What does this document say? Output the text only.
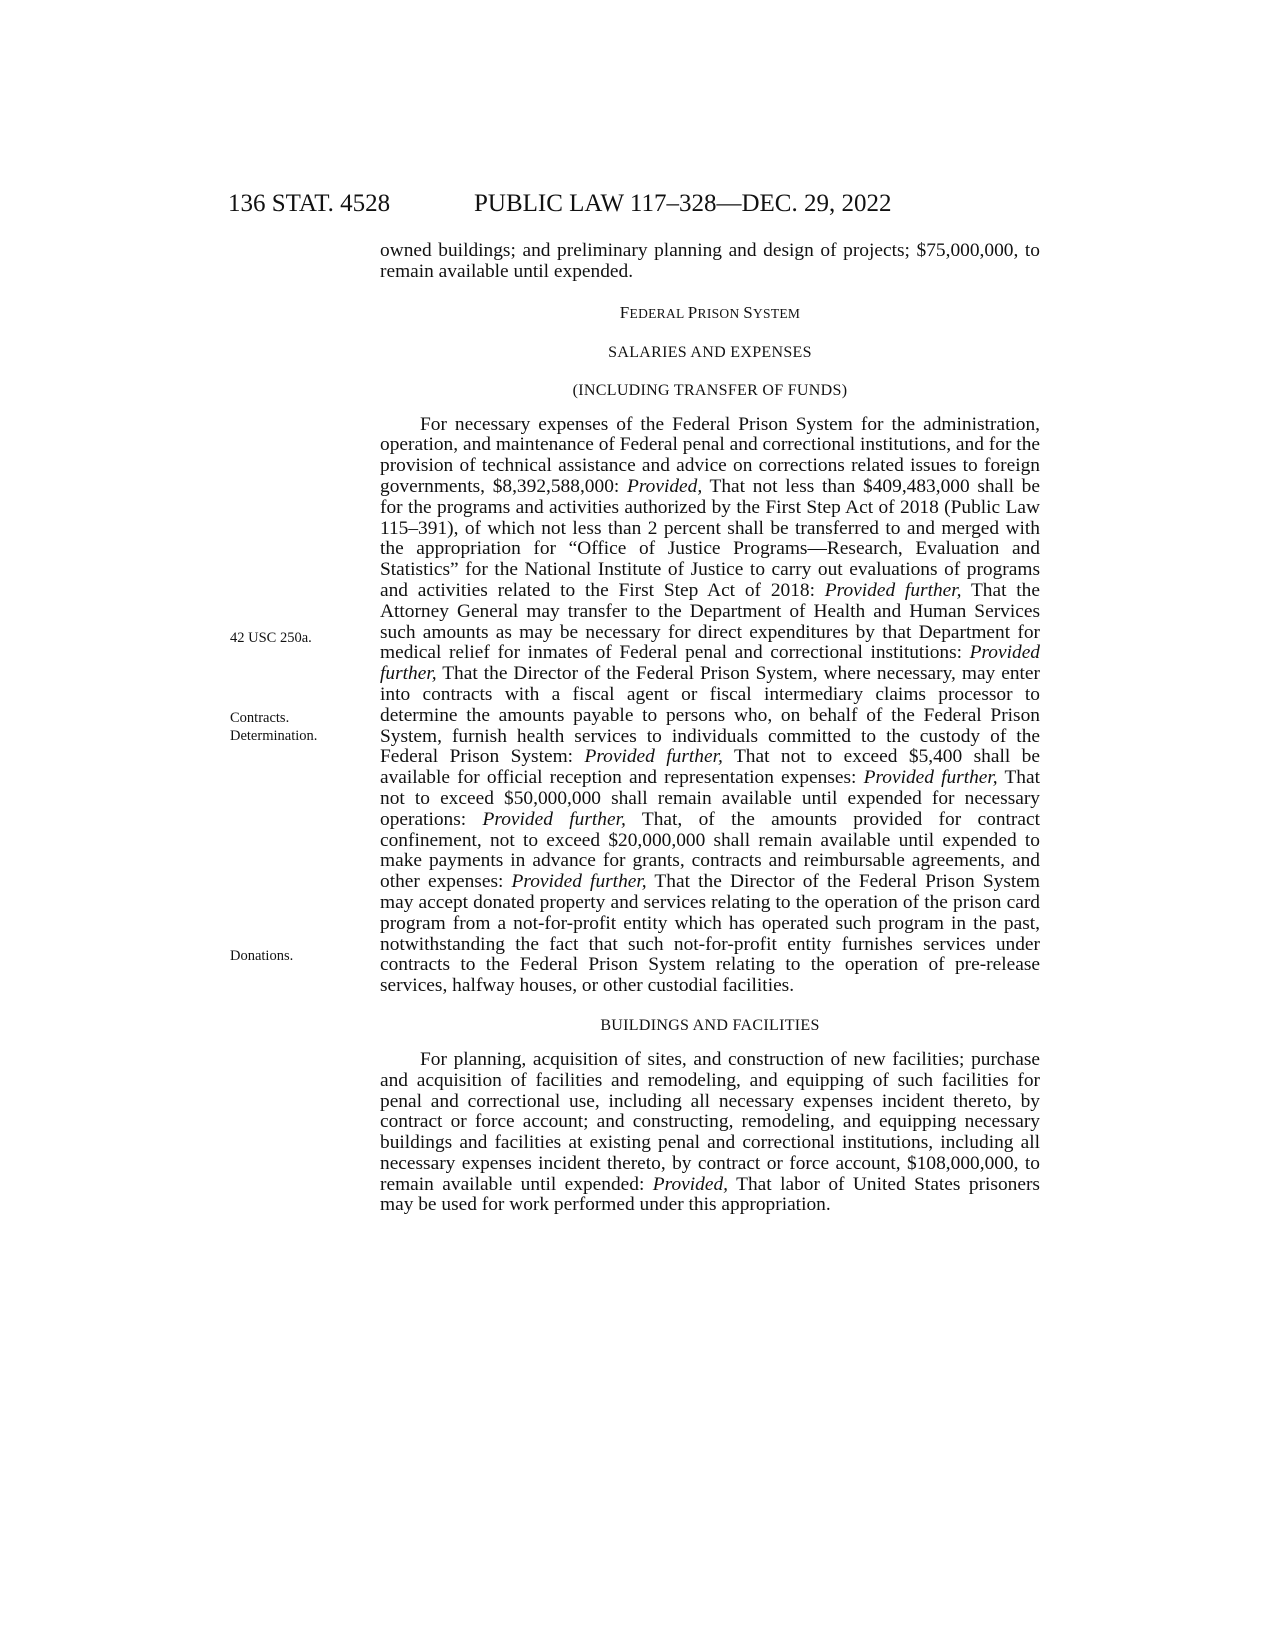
136 STAT. 4528	PUBLIC LAW 117–328—DEC. 29, 2022
42 USC 250a.
Contracts.
Determination.
Donations.

owned buildings; and preliminary planning and design of projects; $75,000,000, to remain available until expended.

FEDERAL PRISON SYSTEM

SALARIES AND EXPENSES

(INCLUDING TRANSFER OF FUNDS)

For necessary expenses of the Federal Prison System for the administration, operation, and maintenance of Federal penal and correctional institutions, and for the provision of technical assistance and advice on corrections related issues to foreign governments, $8,392,588,000: Provided, That not less than $409,483,000 shall be for the programs and activities authorized by the First Step Act of 2018 (Public Law 115–391), of which not less than 2 percent shall be transferred to and merged with the appropriation for “Office of Justice Programs—Research, Evaluation and Statistics” for the National Institute of Justice to carry out evaluations of programs and activities related to the First Step Act of 2018: Provided further, That the Attorney General may transfer to the Department of Health and Human Services such amounts as may be necessary for direct expenditures by that Department for medical relief for inmates of Federal penal and correctional institutions: Provided further, That the Director of the Federal Prison System, where necessary, may enter into contracts with a fiscal agent or fiscal intermediary claims processor to determine the amounts payable to persons who, on behalf of the Federal Prison System, furnish health services to individuals committed to the custody of the Federal Prison System: Provided further, That not to exceed $5,400 shall be available for official reception and representation expenses: Provided further, That not to exceed $50,000,000 shall remain available until expended for necessary operations: Provided further, That, of the amounts provided for contract confinement, not to exceed $20,000,000 shall remain available until expended to make payments in advance for grants, contracts and reimbursable agreements, and other expenses: Provided further, That the Director of the Federal Prison System may accept donated property and services relating to the operation of the prison card program from a not-for-profit entity which has operated such program in the past, notwithstanding the fact that such not-for-profit entity furnishes services under contracts to the Federal Prison System relating to the operation of pre-release services, halfway houses, or other custodial facilities.

BUILDINGS AND FACILITIES

For planning, acquisition of sites, and construction of new facilities; purchase and acquisition of facilities and remodeling, and equipping of such facilities for penal and correctional use, including all necessary expenses incident thereto, by contract or force account; and constructing, remodeling, and equipping necessary buildings and facilities at existing penal and correctional institutions, including all necessary expenses incident thereto, by contract or force account, $108,000,000, to remain available until expended: Provided, That labor of United States prisoners may be used for work performed under this appropriation.
